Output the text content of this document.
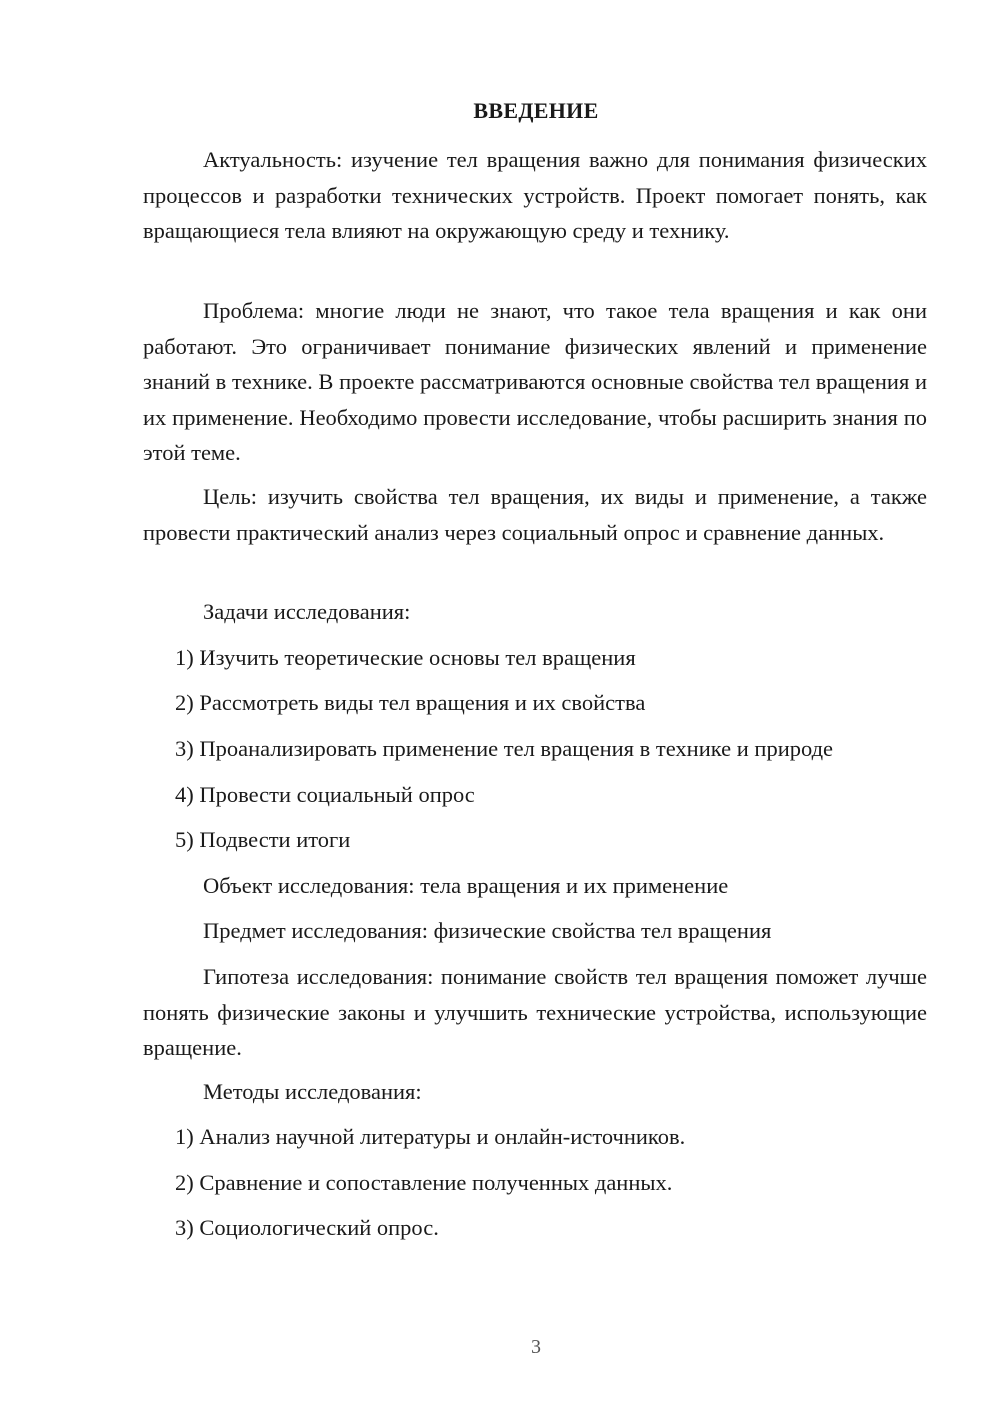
ВВЕДЕНИЕ

Актуальность: изучение тел вращения важно для понимания физических процессов и разработки технических устройств. Проект помогает понять, как вращающиеся тела влияют на окружающую среду и технику.

Проблема: многие люди не знают, что такое тела вращения и как они работают. Это ограничивает понимание физических явлений и применение знаний в технике. В проекте рассматриваются основные свойства тел вращения и их применение. Необходимо провести исследование, чтобы расширить знания по этой теме.

Цель: изучить свойства тел вращения, их виды и применение, а также провести практический анализ через социальный опрос и сравнение данных.

Задачи исследования:

1) Изучить теоретические основы тел вращения

2) Рассмотреть виды тел вращения и их свойства

3) Проанализировать применение тел вращения в технике и природе

4) Провести социальный опрос

5) Подвести итоги

Объект исследования: тела вращения и их применение

Предмет исследования: физические свойства тел вращения

Гипотеза исследования: понимание свойств тел вращения поможет лучше понять физические законы и улучшить технические устройства, использующие вращение.

Методы исследования:

1) Анализ научной литературы и онлайн-источников.

2) Сравнение и сопоставление полученных данных.

3) Социологический опрос.

3
